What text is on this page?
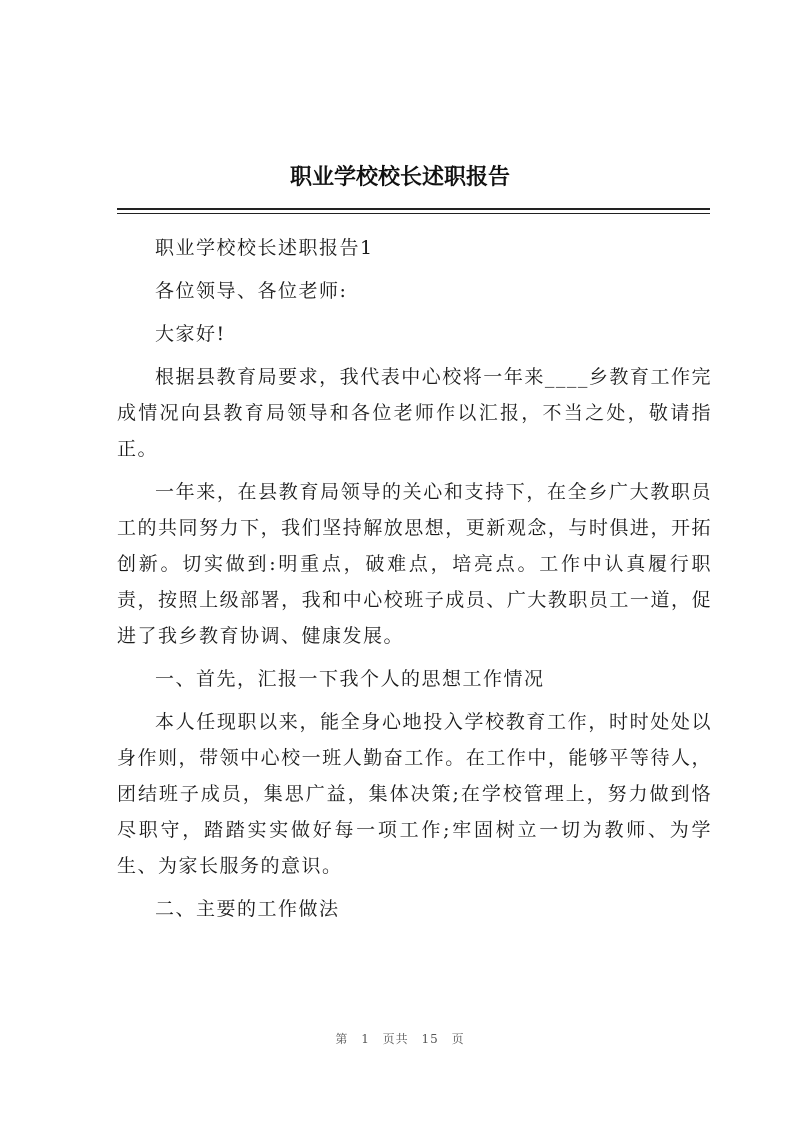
职业学校校长述职报告

职业学校校长述职报告1

各位领导、各位老师:

大家好!

根据县教育局要求，我代表中心校将一年来____乡教育工作完成情况向县教育局领导和各位老师作以汇报，不当之处，敬请指正。

一年来，在县教育局领导的关心和支持下，在全乡广大教职员工的共同努力下，我们坚持解放思想，更新观念，与时俱进，开拓创新。切实做到:明重点，破难点，培亮点。工作中认真履行职责，按照上级部署，我和中心校班子成员、广大教职员工一道，促进了我乡教育协调、健康发展。

一、首先，汇报一下我个人的思想工作情况

本人任现职以来，能全身心地投入学校教育工作，时时处处以身作则，带领中心校一班人勤奋工作。在工作中，能够平等待人，团结班子成员，集思广益，集体决策;在学校管理上，努力做到恪尽职守，踏踏实实做好每一项工作;牢固树立一切为教师、为学生、为家长服务的意识。

二、主要的工作做法

第 1 页共 15 页
